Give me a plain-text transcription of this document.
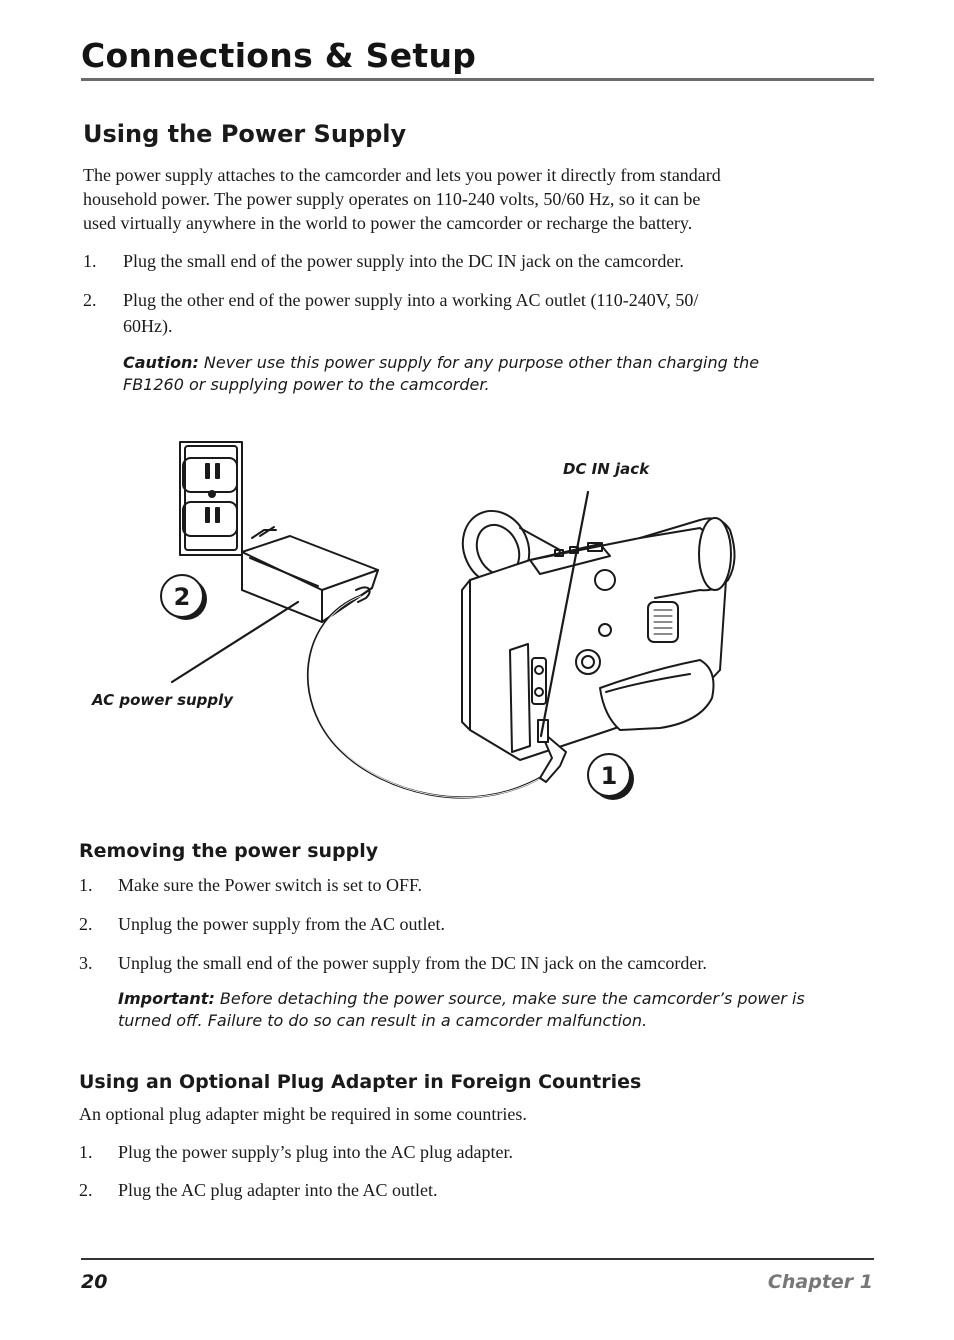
Connections & Setup
Using the Power Supply
The power supply attaches to the camcorder and lets you power it directly from standard
household power. The power supply operates on 110-240 volts, 50/60 Hz, so it can be
used virtually anywhere in the world to power the camcorder or recharge the battery.
1. Plug the small end of the power supply into the DC IN jack on the camcorder.
2. Plug the other end of the power supply into a working AC outlet (110-240V, 50/
60Hz).
Caution: Never use this power supply for any purpose other than charging the
FB1260 or supplying power to the camcorder.
2
1
DC IN jack
AC power supply
Removing the power supply
1. Make sure the Power switch is set to OFF.
2. Unplug the power supply from the AC outlet.
3. Unplug the small end of the power supply from the DC IN jack on the camcorder.
Important: Before detaching the power source, make sure the camcorder’s power is
turned off. Failure to do so can result in a camcorder malfunction.
Using an Optional Plug Adapter in Foreign Countries
An optional plug adapter might be required in some countries.
1. Plug the power supply’s plug into the AC plug adapter.
2. Plug the AC plug adapter into the AC outlet.
20	Chapter 1
